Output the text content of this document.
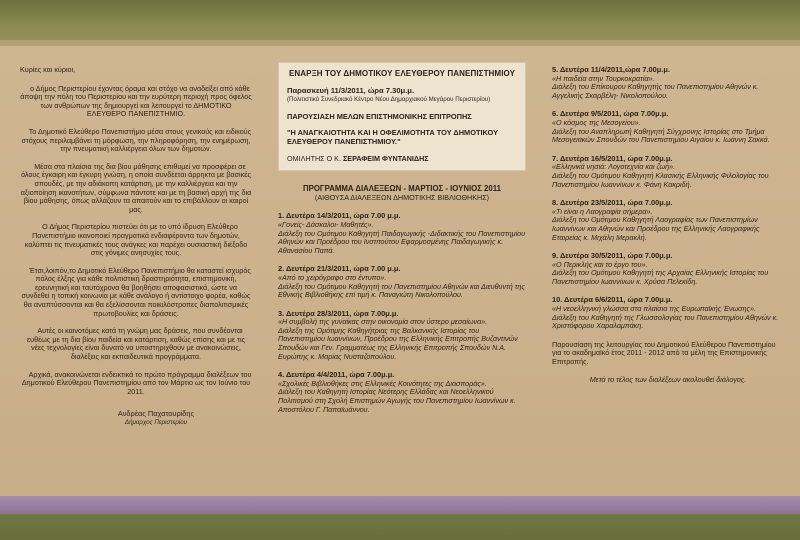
Κυρίες και κύριοι,

ο Δήμος Περιστερίου έχοντας όραμα και στόχο να αναδείξει από κάθε άποψη την πόλη του Περιστερίου και την ευρύτερη περιοχή προς όφελος των ανθρώπων της δημιουργεί και λειτουργεί το ΔΗΜΟΤΙΚΟ ΕΛΕΥΘΕΡΟ ΠΑΝΕΠΙΣΤΗΜΙΟ.

Το Δημοτικό Ελεύθερο Πανεπιστήμιο μέσα στους γενικούς και ειδικούς στόχους περιλαμβάνει τη μόρφωση, την πληροφόρηση, την ενημέρωση, την πνευματική καλλιέργεια όλων των δημοτών.

Μέσα στα πλαίσια της δια βίου μάθησης επιθυμεί να προσφέρει σε όλους έγκαιρη και έγκυρη γνώση, η οποία συνδέεται άρρηκτα με βασικές σπουδές, με την αδιάκοπη κατάρτιση, με την καλλιέργεια και την αξιοποίηση ικανοτήτων, σύμφωνα πάντοτε και με τη βασική αρχή της δια βίου μάθησης, όπως αλλάζουν τα απαιτούν και το επιβάλλουν οι καιροί μας.

Ο Δήμος Περιστερίου πιστεύει ότι με το υπό ίδρυση Ελεύθερο Πανεπιστήμιο ικανοποιεί πραγματικά ενδιαφέροντα των δημοτών, καλύπτει τις πνευματικές τους ανάγκες και παρέχει ουσιαστική διέξοδο στις γόνιμες ανησυχίες τους.

Έτσι,λοιπόν,το Δημοτικό Ελεύθερο Πανεπιστήμιο θα καταστεί ισχυρός πόλος έλξης για κάθε πολιτιστική δραστηριότητα, επιστημονική, ερευνητική και ταυτόχρονα θα βοηθήσει αποφασιστικά, ώστε να συνδεθεί η τοπική κοινωνία με κάθε ανάλογο ή αντίστοιχο φορέα, καθώς θα αναπτύσσονται και θα εξελίσσονται ποικιλόστροπες διαπολιτισμικές πρωτοβουλίες και δράσεις.

Αυτές οι καινοτόμες κατά τη γνώμη μας δράσεις, που συνδέονται ευθέως με τη δια βίου παιδεία και κατάρτιση, καθώς επίσης και με τις νέες τεχνολογίες είναι δυνατό να υποστηριχθούν με ανακοινώσεις, διαλέξεις και εκπαιδευτικά προγράμματα.

Αρχικά, ανακοινώνεται ενδεικτικά το πρώτο πρόγραμμα διαλέξεων του Δημοτικού Ελεύθερου Πανεπιστημίου από τον Μάρτιο ως τον Ιούνιο του 2011.

Ανδρέας Παχατουρίδης
Δήμαρχος Περιστερίου

ΕΝΑΡΞΗ ΤΟΥ ΔΗΜΟΤΙΚΟΥ ΕΛΕΥΘΕΡΟΥ ΠΑΝΕΠΙΣΤΗΜΙΟΥ

Παρασκευή 11/3/2011, ώρα 7.30μ.μ.
(Πολιτιστικό Συνεδριακό Κέντρο Νέου Δημαρχιακού Μεγάρου Περιστερίου)
ΠΑΡΟΥΣΙΑΣΗ ΜΕΛΩΝ ΕΠΙΣΤΗΜΟΝΙΚΗΣ ΕΠΙΤΡΟΠΗΣ
"Η ΑΝΑΓΚΑΙΟΤΗΤΑ ΚΑΙ Η ΟΦΕΛΙΜΟΤΗΤΑ ΤΟΥ ΔΗΜΟΤΙΚΟΥ ΕΛΕΥΘΕΡΟΥ ΠΑΝΕΠΙΣΤΗΜΙΟΥ."
ΟΜΙΛΗΤΗΣ Ο Κ. ΣΕΡΑΦΕΙΜ ΦΥΝΤΑΝΙΔΗΣ

ΠΡΟΓΡΑΜΜΑ ΔΙΑΛΕΞΕΩΝ - ΜΑΡΤΙΟΣ - ΙΟΥΝΙΟΣ 2011

(ΑΙΘΟΥΣΑ ΔΙΑΛΕΞΕΩΝ ΔΗΜΟΤΙΚΗΣ ΒΙΒΛΙΟΘΗΚΗΣ)

1. Δευτέρα 14/3/2011, ώρα 7.00 μ.μ.
«Γονείς- Δάσκαλοι- Μαθητές».
Διάλεξη του Ομότιμου Καθηγητή Παιδαγωγικής -Διδακτικής του Πανεπιστημίου Αθηνών και Προέδρου του Ινστιτούτου Εφαρμοσμένης Παιδαγωγικής κ. Αθανασίου Παπά.
2. Δευτέρα 21/3/2011, ώρα 7.00 μ.μ.
«Από το χειρόγραφο στο έντυπο».
Διάλεξη του Ομότιμου Καθηγητή του Πανεπιστημίου Αθηνών και Διευθυντή της Εθνικής Βιβλιοθήκης επί τιμή κ. Παναγιώτη Νικολοπούλου.
3. Δευτέρα 28/3/2011, ώρα 7.00μ.μ.
«Η συμβολή της γυναίκας στην οικονομία στον ύστερο μεσαίωνα».
Διάλεξη της Ομότιμης Καθηγήτριας της Βαλκανικής Ιστορίας του Πανεπιστημίου Ιωαννίνων, Προέδρου της Ελληνικής Επιτροπής Βυζαντινών Σπουδών και Γεν. Γραμματέως της Ελληνικής Επιτροπής Σπουδών Ν.Α. Ευρώπης κ. Μαρίας Νυσταζοπούλου.
4. Δευτέρα 4/4/2011, ώρα 7.00μ.μ.
«Σχολικές Βιβλιοθήκες στις Ελληνικές Κοινότητες της Διασποράς».
Διάλεξη του Καθηγητή Ιστορίας Νεότερης Ελλάδας και Νεοελληνικού Πολιτισμού στη Σχολή Επιστημών Αγωγής του Πανεπιστημίου Ιωαννίνων κ. Αποστόλου Γ. Παπαϊωάννου.
5. Δευτέρα 11/4/2011,ώρα 7.00μ.μ.
«Η παιδεία στην Τουρκοκρατία».
Διάλεξη του Επίκουρου Καθηγητής του Πανεπιστημίου Αθηνών κ. Αγγελικής Σκαρβέλη- Νικολοπούλου.
6. Δευτέρα 9/5/2011, ώρα 7.00μ.μ.
«Ο κόσμος της Μεσογείου».
Διάλεξη του Αναπληρωτή Καθηγητή Σύγχρονης Ιστορίας στο Τμήμα Μεσογειακών Σπουδών του Πανεπιστημίου Αιγαίου κ. Ιωάννη Σακκά.
7. Δευτέρα 16/5/2011, ώρα 7.00μ.μ.
«Ελληνικά νησιά: Λογοτεχνία και ζωή».
Διάλεξη του Ομότιμου Καθηγητή Κλασικής Ελληνικής Φιλολογίας του Πανεπιστημίου Ιωαννίνων κ. Φάνη Κακριδή.
8. Δευτέρα 23/5/2011, ώρα 7.00μ.μ.
«Τι είναι η Λαογραφία σήμερα».
Διάλεξη του Ομότιμου Καθηγητή Λαογραφίας των Πανεπιστημίων Ιωαννίνων και Αθηνών και Προέδρου της Ελληνικής Λαογραφικής Εταιρείας κ. Μιχάλη Μερακλή.
9. Δευτέρα 30/5/2011, ώρα 7.00μ.μ.
«Ο Περικλής και το έργο του».
Διάλεξη του Ομότιμου Καθηγητή της Αρχαίας Ελληνικής Ιστορίας του Πανεπιστημίου Ιωαννίνων κ. Χρύσα Πελεκίδη.
10. Δευτέρα 6/6/2011, ώρα 7.00μ.μ.
«Η νεοελληνική γλώσσα στα πλαίσια της Ευρωπαϊκής Ένωσης».
Διάλεξη του Καθηγητή της Γλωσσολογίας του Πανεπιστημίου Αθηνών κ. Χριστόφορου Χαραλαμπάκη.

Παρουσίαση της λειτουργίας του Δημοτικού Ελεύθερου Πανεπιστημίου για το ακαδημαϊκό έτος 2011 - 2012 από τα μέλη της Επιστημονικής Επιτροπής.

Μετά το τέλος των διαλέξεων ακολουθεί διάλογος.
